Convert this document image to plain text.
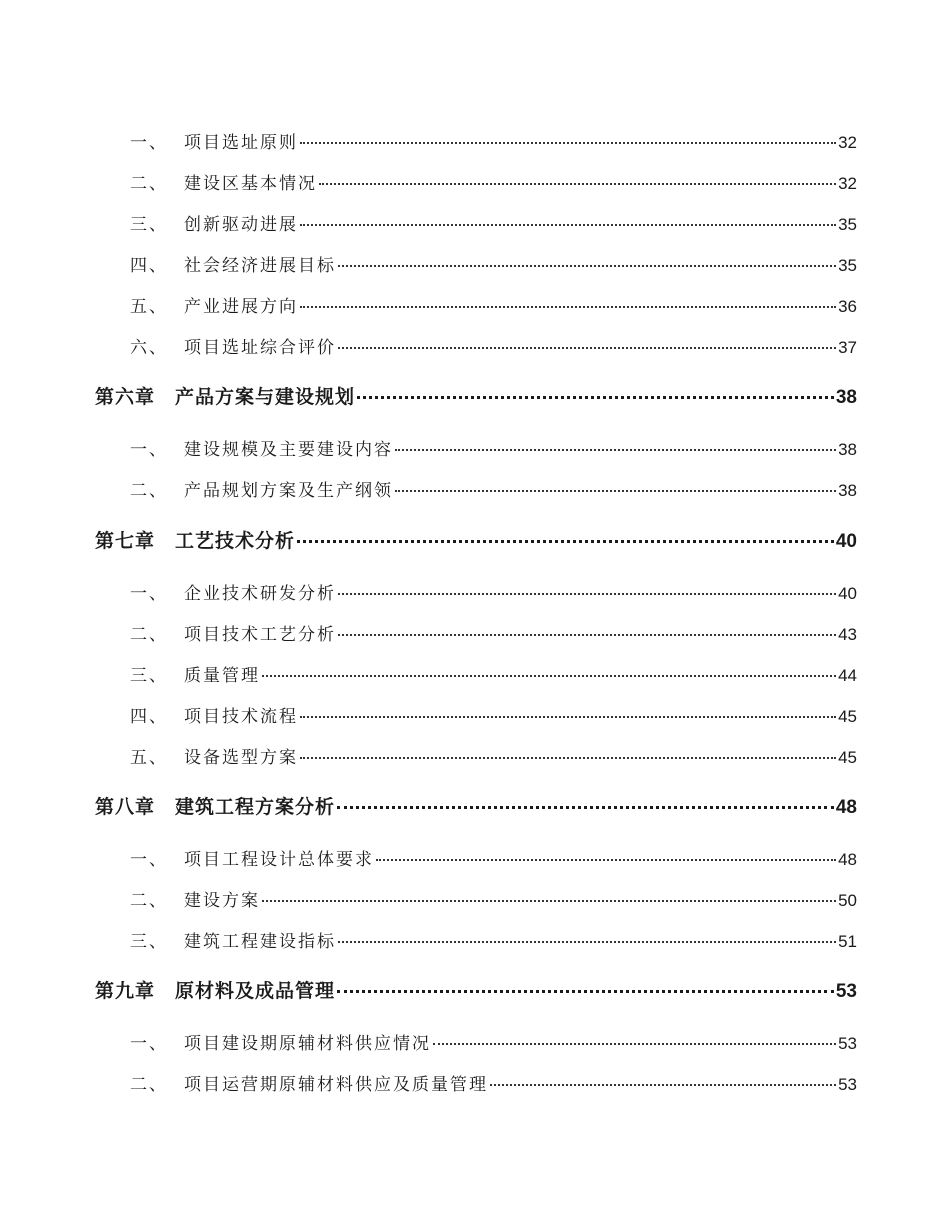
一、 项目选址原则	32
二、 建设区基本情况	32
三、 创新驱动进展	35
四、 社会经济进展目标	35
五、 产业进展方向	36
六、 项目选址综合评价	37
第六章	产品方案与建设规划	38
一、 建设规模及主要建设内容	38
二、 产品规划方案及生产纲领	38
第七章	工艺技术分析	40
一、 企业技术研发分析	40
二、 项目技术工艺分析	43
三、 质量管理	44
四、 项目技术流程	45
五、 设备选型方案	45
第八章	建筑工程方案分析	48
一、 项目工程设计总体要求	48
二、 建设方案	50
三、 建筑工程建设指标	51
第九章	原材料及成品管理	53
一、 项目建设期原辅材料供应情况	53
二、 项目运营期原辅材料供应及质量管理	53
